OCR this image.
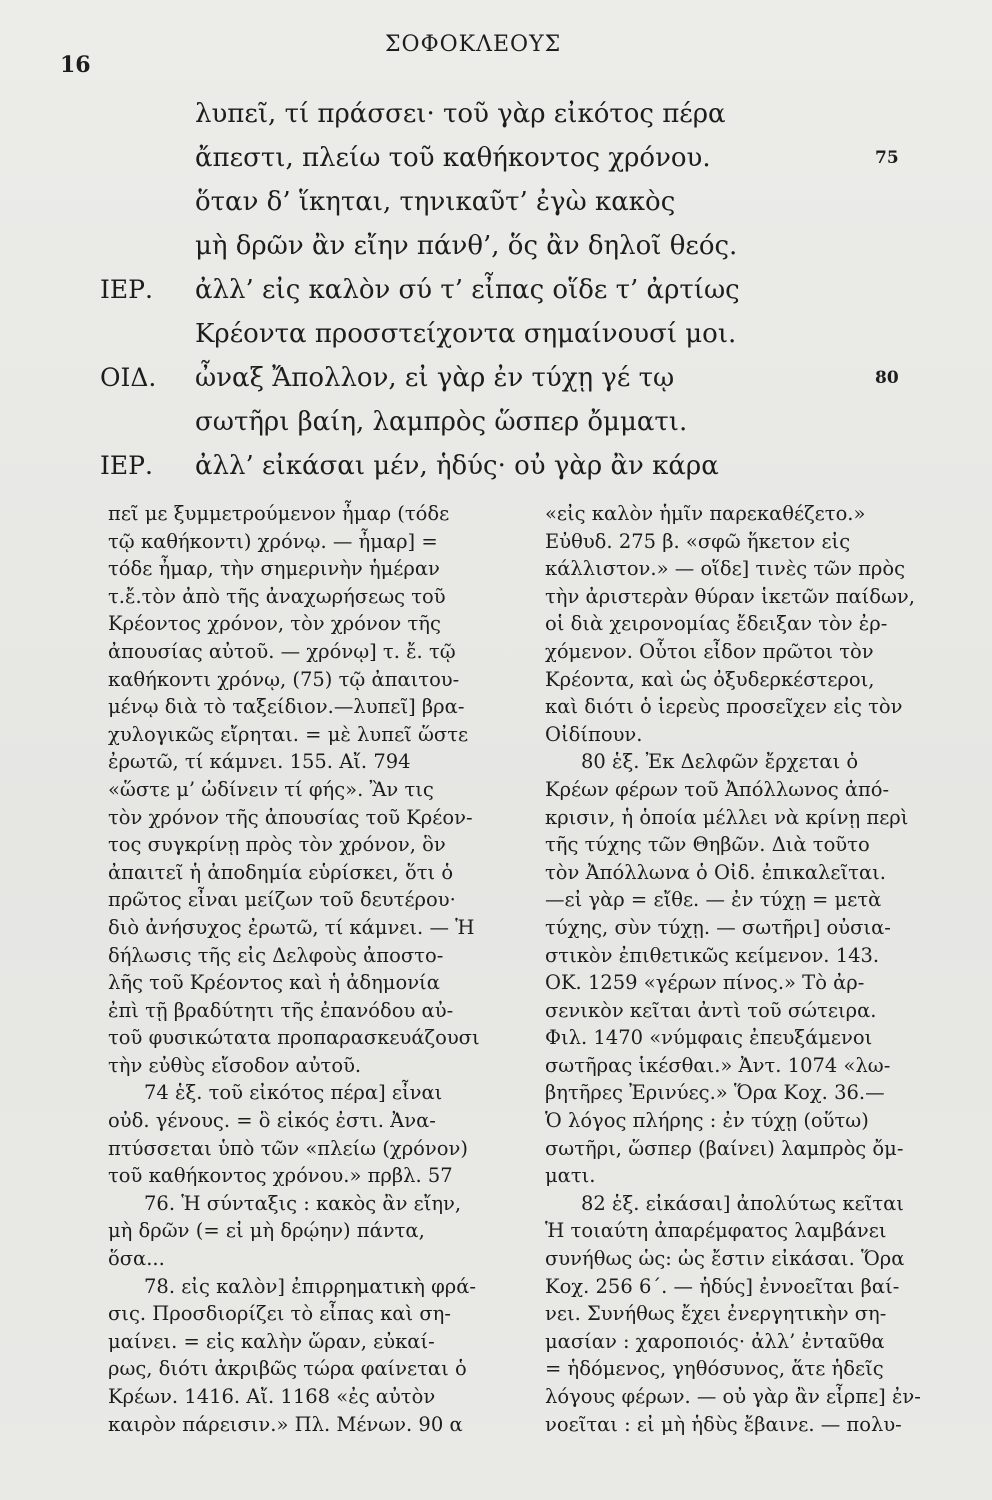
16
ΣΟΦΟΚΛΕΟΥΣ
λυπεῖ, τί πράσσει· τοῦ γὰρ εἰκότος πέρα
ἄπεστι, πλείω τοῦ καθήκοντος χρόνου.	75
ὅταν δ’ ἵκηται, τηνικαῦτ’ ἐγὼ κακὸς
μὴ δρῶν ἂν εἴην πάνθ’, ὅς ἂν δηλοῖ θεός.
ΙΕΡ.	ἀλλ’ εἰς καλὸν σύ τ’ εἶπας οἵδε τ’ ἀρτίως
Κρέοντα προσστείχοντα σημαίνουσί μοι.
ΟΙΔ.	ὦναξ Ἄπολλον, εἰ γὰρ ἐν τύχῃ γέ τῳ	80
σωτῆρι βαίη, λαμπρὸς ὥσπερ ὄμματι.
ΙΕΡ.	ἀλλ’ εἰκάσαι μέν, ἡδύς· οὐ γὰρ ἂν κάρα
πεῖ με ξυμμετρούμενον ἦμαρ (τόδε
τῷ καθήκοντι) χρόνῳ. — ἦμαρ] =
τόδε ἦμαρ, τὴν σημερινὴν ἡμέραν
τ.ἔ.τὸν ἀπὸ τῆς ἀναχωρήσεως τοῦ
Κρέοντος χρόνον, τὸν χρόνον τῆς
ἀπουσίας αὐτοῦ. — χρόνῳ] τ. ἔ. τῷ
καθήκοντι χρόνῳ, (75) τῷ ἀπαιτου-
μένῳ διὰ τὸ ταξείδιον.—λυπεῖ] βρα-
χυλογικῶς εἴρηται. = μὲ λυπεῖ ὥστε
ἐρωτῶ, τί κάμνει. 155. Αἴ. 794
«ὥστε μ’ ὠδίνειν τί φής». Ἂν τις
τὸν χρόνον τῆς ἀπουσίας τοῦ Κρέον-
τος συγκρίνῃ πρὸς τὸν χρόνον, ὃν
ἀπαιτεῖ ἡ ἀποδημία εὑρίσκει, ὅτι ὁ
πρῶτος εἶναι μείζων τοῦ δευτέρου·
διὸ ἀνήσυχος ἐρωτῶ, τί κάμνει. — Ἡ
δήλωσις τῆς εἰς Δελφοὺς ἀποστο-
λῆς τοῦ Κρέοντος καὶ ἡ ἀδημονία
ἐπὶ τῇ βραδύτητι τῆς ἐπανόδου αὐ-
τοῦ φυσικώτατα προπαρασκευάζουσι
τὴν εὐθὺς εἴσοδον αὐτοῦ.
74 ἑξ. τοῦ εἰκότος πέρα] εἶναι
οὐδ. γένους. = ὃ εἰκός ἐστι. Ἀνα-
πτύσσεται ὑπὸ τῶν «πλείω (χρόνον)
τοῦ καθήκοντος χρόνου.» πρβλ. 57
76. Ἡ σύνταξις : κακὸς ἂν εἴην,
μὴ δρῶν (= εἰ μὴ δρῴην) πάντα,
ὅσα...
78. εἰς καλὸν] ἐπιρρηματικὴ φρά-
σις. Προσδιορίζει τὸ εἶπας καὶ ση-
μαίνει. = εἰς καλὴν ὥραν, εὐκαί-
ρως, διότι ἀκριβῶς τώρα φαίνεται ὁ
Κρέων. 1416. Αἴ. 1168 «ἐς αὐτὸν
καιρὸν πάρεισιν.» Πλ. Μένων. 90 α
«εἰς καλὸν ἡμῖν παρεκαθέζετο.»
Εὐθυδ. 275 β. «σφῶ ἥκετον εἰς
κάλλιστον.» — οἵδε] τινὲς τῶν πρὸς
τὴν ἀριστερὰν θύραν ἱκετῶν παίδων,
οἱ διὰ χειρονομίας ἔδειξαν τὸν ἐρ-
χόμενον. Οὗτοι εἶδον πρῶτοι τὸν
Κρέοντα, καὶ ὡς ὀξυδερκέστεροι,
καὶ διότι ὁ ἱερεὺς προσεῖχεν εἰς τὸν
Οἰδίπουν.
80 ἑξ. Ἐκ Δελφῶν ἔρχεται ὁ
Κρέων φέρων τοῦ Ἀπόλλωνος ἀπό-
κρισιν, ἡ ὁποία μέλλει νὰ κρίνῃ περὶ
τῆς τύχης τῶν Θηβῶν. Διὰ τοῦτο
τὸν Ἀπόλλωνα ὁ Οἰδ. ἐπικαλεῖται.
—εἰ γὰρ = εἴθε. — ἐν τύχῃ = μετὰ
τύχης, σὺν τύχῃ. — σωτῆρι] οὐσια-
στικὸν ἐπιθετικῶς κείμενον. 143.
ΟΚ. 1259 «γέρων πίνος.» Τὸ ἀρ-
σενικὸν κεῖται ἀντὶ τοῦ σώτειρα.
Φιλ. 1470 «νύμφαις ἐπευξάμενοι
σωτῆρας ἱκέσθαι.» Ἀντ. 1074 «λω-
βητῆρες Ἐρινύες.» Ὅρα Κοχ. 36.—
Ὁ λόγος πλήρης : ἐν τύχῃ (οὕτω)
σωτῆρι, ὥσπερ (βαίνει) λαμπρὸς ὄμ-
ματι.
82 ἑξ. εἰκάσαι] ἀπολύτως κεῖται
Ἡ τοιαύτη ἀπαρέμφατος λαμβάνει
συνήθως ὡς: ὡς ἔστιν εἰκάσαι. Ὅρα
Κοχ. 256 6΄. — ἡδύς] ἐννοεῖται βαί-
νει. Συνήθως ἔχει ἐνεργητικὴν ση-
μασίαν : χαροποιός· ἀλλ’ ἐνταῦθα
= ἡδόμενος, γηθόσυνος, ἅτε ἡδεῖς
λόγους φέρων. — οὐ γὰρ ἂν εἶρπε] ἐν-
νοεῖται : εἰ μὴ ἡδὺς ἔβαινε. — πολυ-
